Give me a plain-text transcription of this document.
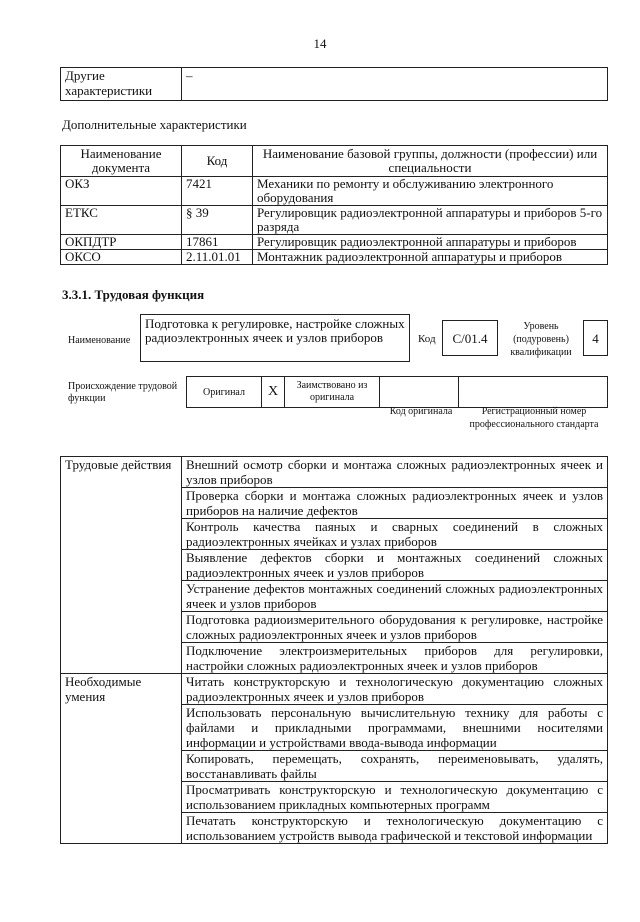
14
Другие характеристики	–
Дополнительные характеристики
Наименование документа	Код	Наименование базовой группы, должности (профессии) или специальности
ОКЗ	7421	Механики по ремонту и обслуживанию электронного оборудования
ЕТКС	§ 39	Регулировщик радиоэлектронной аппаратуры и приборов 5-го разряда
ОКПДТР	17861	Регулировщик радиоэлектронной аппаратуры и приборов
ОКСО	2.11.01.01	Монтажник радиоэлектронной аппаратуры и приборов
3.3.1. Трудовая функция
Наименование
Подготовка к регулировке, настройке сложных радиоэлектронных ячеек и узлов приборов	Код	C/01.4
Уровень (подуровень) квалификации
4
Происхождение трудовой функции
Оригинал	X	Заимствовано из оригинала		
Код оригинала	Регистрационный номер профессионального стандарта
Трудовые действия	Внешний осмотр сборки и монтажа сложных радиоэлектронных ячеек и узлов приборов
	Проверка сборки и монтажа сложных радиоэлектронных ячеек и узлов приборов на наличие дефектов
	Контроль качества паяных и сварных соединений в сложных радиоэлектронных ячейках и узлах приборов
	Выявление дефектов сборки и монтажных соединений сложных радиоэлектронных ячеек и узлов приборов
	Устранение дефектов монтажных соединений сложных радиоэлектронных ячеек и узлов приборов
	Подготовка радиоизмерительного оборудования к регулировке, настройке сложных радиоэлектронных ячеек и узлов приборов
	Подключение электроизмерительных приборов для регулировки, настройки сложных радиоэлектронных ячеек и узлов приборов
Необходимые умения	Читать конструкторскую и технологическую документацию сложных радиоэлектронных ячеек и узлов приборов
	Использовать персональную вычислительную технику для работы с файлами и прикладными программами, внешними носителями информации и устройствами ввода-вывода информации
	Копировать, перемещать, сохранять, переименовывать, удалять, восстанавливать файлы
	Просматривать конструкторскую и технологическую документацию с использованием прикладных компьютерных программ
	Печатать конструкторскую и технологическую документацию с использованием устройств вывода графической и текстовой информации
